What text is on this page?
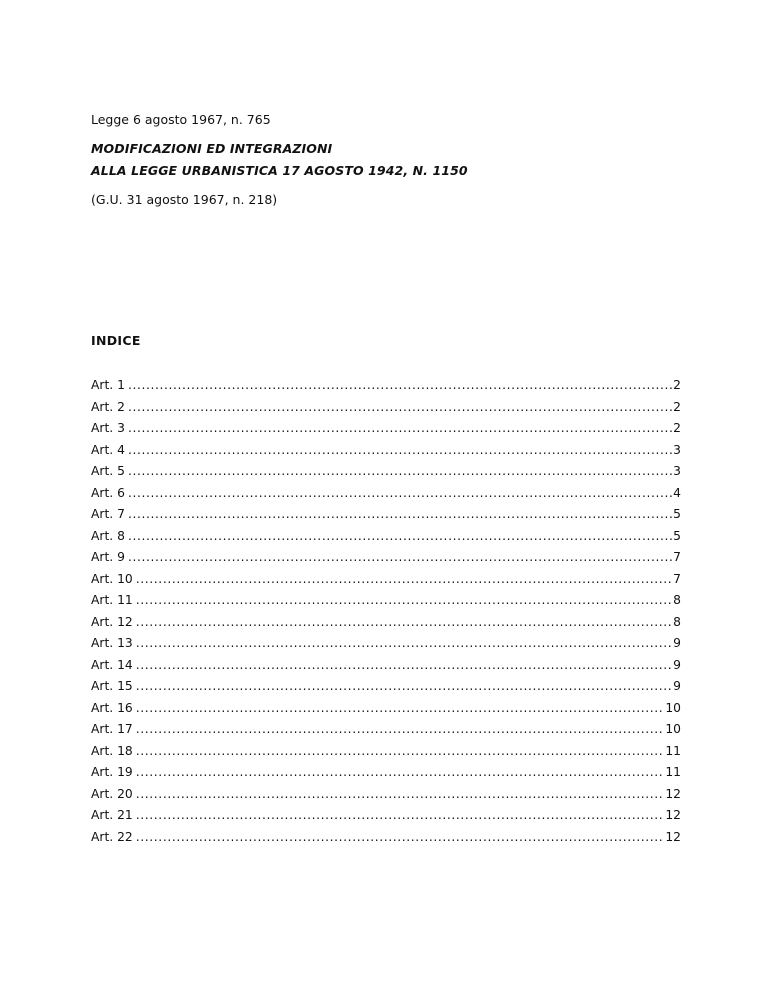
Legge 6 agosto 1967, n. 765

MODIFICAZIONI ED INTEGRAZIONI

ALLA LEGGE URBANISTICA 17 AGOSTO 1942, N. 1150

(G.U. 31 agosto 1967, n. 218)

INDICE
Art. 1 .....	2
Art. 2 .....	2
Art. 3 .....	2
Art. 4 .....	3
Art. 5 .....	3
Art. 6 .....	4
Art. 7 .....	5
Art. 8 .....	5
Art. 9 .....	7
Art. 10 .....	7
Art. 11 .....	8
Art. 12 .....	8
Art. 13 .....	9
Art. 14 .....	9
Art. 15 .....	9
Art. 16 .....	10
Art. 17 .....	10
Art. 18 .....	11
Art. 19 .....	11
Art. 20 .....	12
Art. 21 .....	12
Art. 22 .....	12
